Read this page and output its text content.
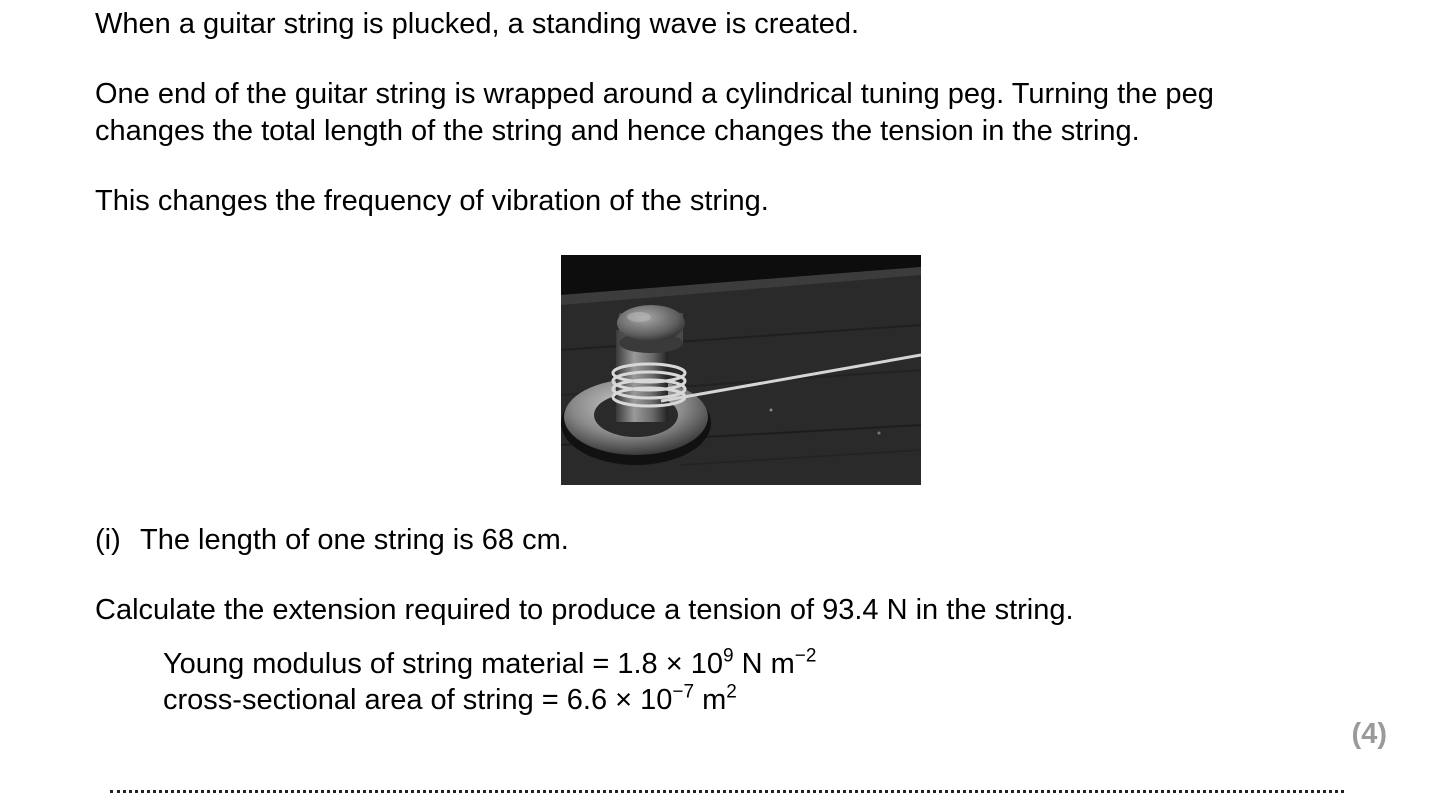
When a guitar string is plucked, a standing wave is created.

One end of the guitar string is wrapped around a cylindrical tuning peg. Turning the peg
changes the total length of the string and hence changes the tension in the string.

This changes the frequency of vibration of the string.

(i) The length of one string is 68 cm.

Calculate the extension required to produce a tension of 93.4 N in the string.

Young modulus of string material = $1.8 \times 10^9$ N $m^{-2}$
cross-sectional area of string = $6.6 \times 10^{-7}$ $m^2$
(4)
